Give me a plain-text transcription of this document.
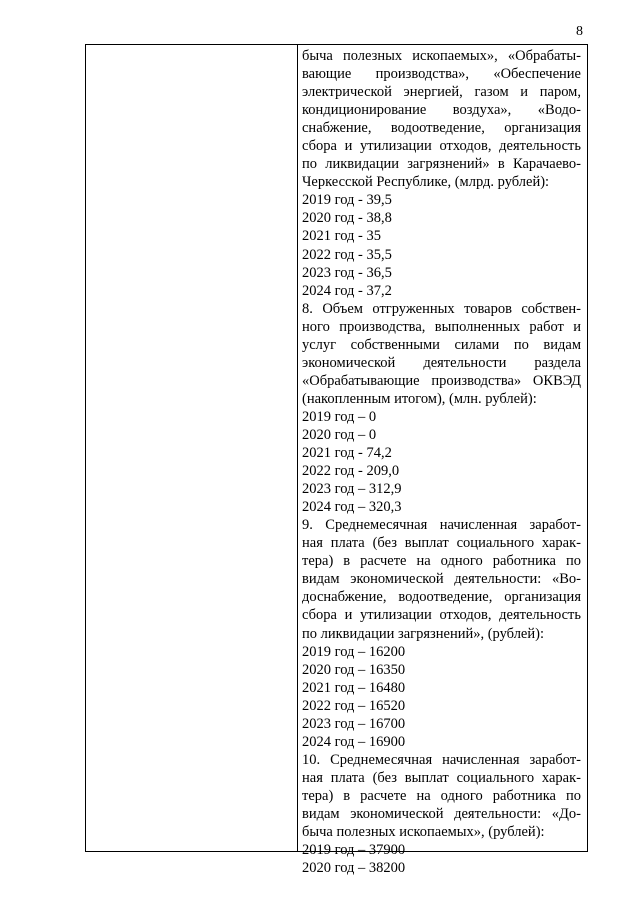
8
быча полезных ископаемых», «Обрабаты-
вающие производства», «Обеспечение
электрической энергией, газом и паром,
кондиционирование воздуха», «Водо-
снабжение, водоотведение, организация
сбора и утилизации отходов, деятельность
по ликвидации загрязнений» в Карачаево-
Черкесской Республике, (млрд. рублей):
2019 год - 39,5
2020 год - 38,8
2021 год - 35
2022 год - 35,5
2023 год - 36,5
2024 год - 37,2
8. Объем отгруженных товаров собствен-
ного производства, выполненных работ и
услуг собственными силами по видам
экономической деятельности раздела
«Обрабатывающие производства» ОКВЭД
(накопленным итогом), (млн. рублей):
2019 год – 0
2020 год – 0
2021 год - 74,2
2022 год - 209,0
2023 год – 312,9
2024 год – 320,3
9. Среднемесячная начисленная заработ-
ная плата (без выплат социального харак-
тера) в расчете на одного работника по
видам экономической деятельности: «Во-
доснабжение, водоотведение, организация
сбора и утилизации отходов, деятельность
по ликвидации загрязнений», (рублей):
2019 год – 16200
2020 год – 16350
2021 год – 16480
2022 год – 16520
2023 год – 16700
2024 год – 16900
10. Среднемесячная начисленная заработ-
ная плата (без выплат социального харак-
тера) в расчете на одного работника по
видам экономической деятельности: «До-
быча полезных ископаемых», (рублей):
2019 год – 37900
2020 год – 38200
